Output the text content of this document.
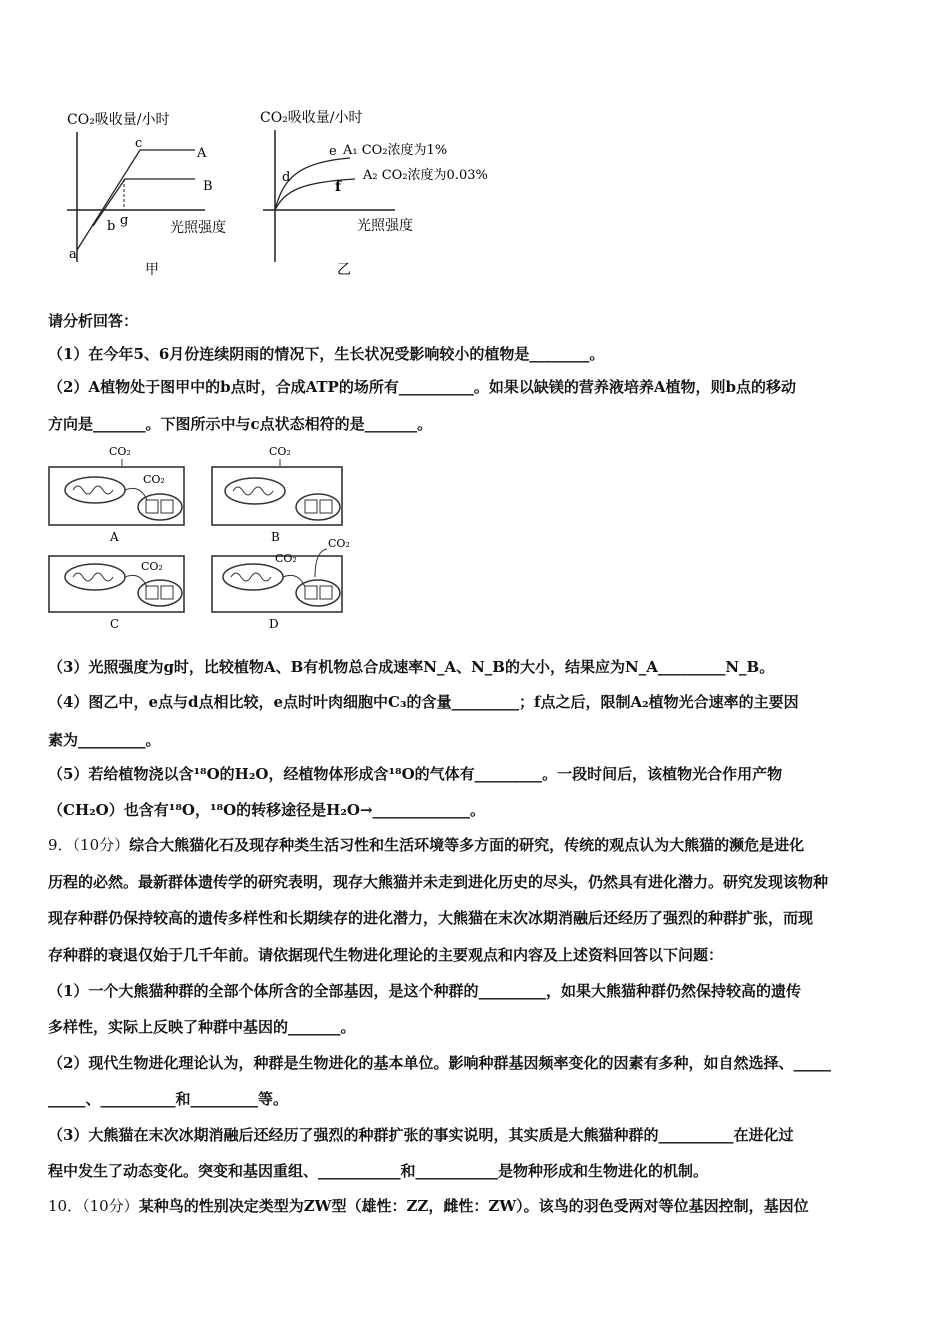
CO₂吸收量/小时
光照强度
a
b
c
g
A
B
甲
CO₂吸收量/小时
光照强度
d
e
f
A₁ CO₂浓度为1%
A₂ CO₂浓度为0.03%
乙
请分析回答：
（1）在今年5、6月份连续阴雨的情况下，生长状况受影响较小的植物是________。
（2）A植物处于图甲中的b点时，合成ATP的场所有__________。如果以缺镁的营养液培养A植物，则b点的移动
方向是_______。下图所示中与c点状态相符的是_______。
CO₂
CO₂
A
CO₂
B
CO₂
C
CO₂
CO₂
D
（3）光照强度为g时，比较植物A、B有机物总合成速率N_A、N_B的大小，结果应为N_A_________N_B。
（4）图乙中，e点与d点相比较，e点时叶肉细胞中C₃的含量_________；f点之后，限制A₂植物光合速率的主要因
素为_________。
（5）若给植物浇以含¹⁸O的H₂O，经植物体形成含¹⁸O的气体有_________。一段时间后，该植物光合作用产物
（CH₂O）也含有¹⁸O，¹⁸O的转移途径是H₂O→_____________。
9．（10分）综合大熊猫化石及现存种类生活习性和生活环境等多方面的研究，传统的观点认为大熊猫的濒危是进化
历程的必然。最新群体遗传学的研究表明，现存大熊猫并未走到进化历史的尽头，仍然具有进化潜力。研究发现该物种
现存种群仍保持较高的遗传多样性和长期续存的进化潜力，大熊猫在末次冰期消融后还经历了强烈的种群扩张，而现
存种群的衰退仅始于几千年前。请依据现代生物进化理论的主要观点和内容及上述资料回答以下问题：
（1）一个大熊猫种群的全部个体所含的全部基因，是这个种群的_________，如果大熊猫种群仍然保持较高的遗传
多样性，实际上反映了种群中基因的_______。
（2）现代生物进化理论认为，种群是生物进化的基本单位。影响种群基因频率变化的因素有多种，如自然选择、_____
_____、__________和_________等。
（3）大熊猫在末次冰期消融后还经历了强烈的种群扩张的事实说明，其实质是大熊猫种群的__________在进化过
程中发生了动态变化。突变和基因重组、___________和___________是物种形成和生物进化的机制。
10．（10分）某种鸟的性别决定类型为ZW型（雄性：ZZ，雌性：ZW）。该鸟的羽色受两对等位基因控制，基因位
